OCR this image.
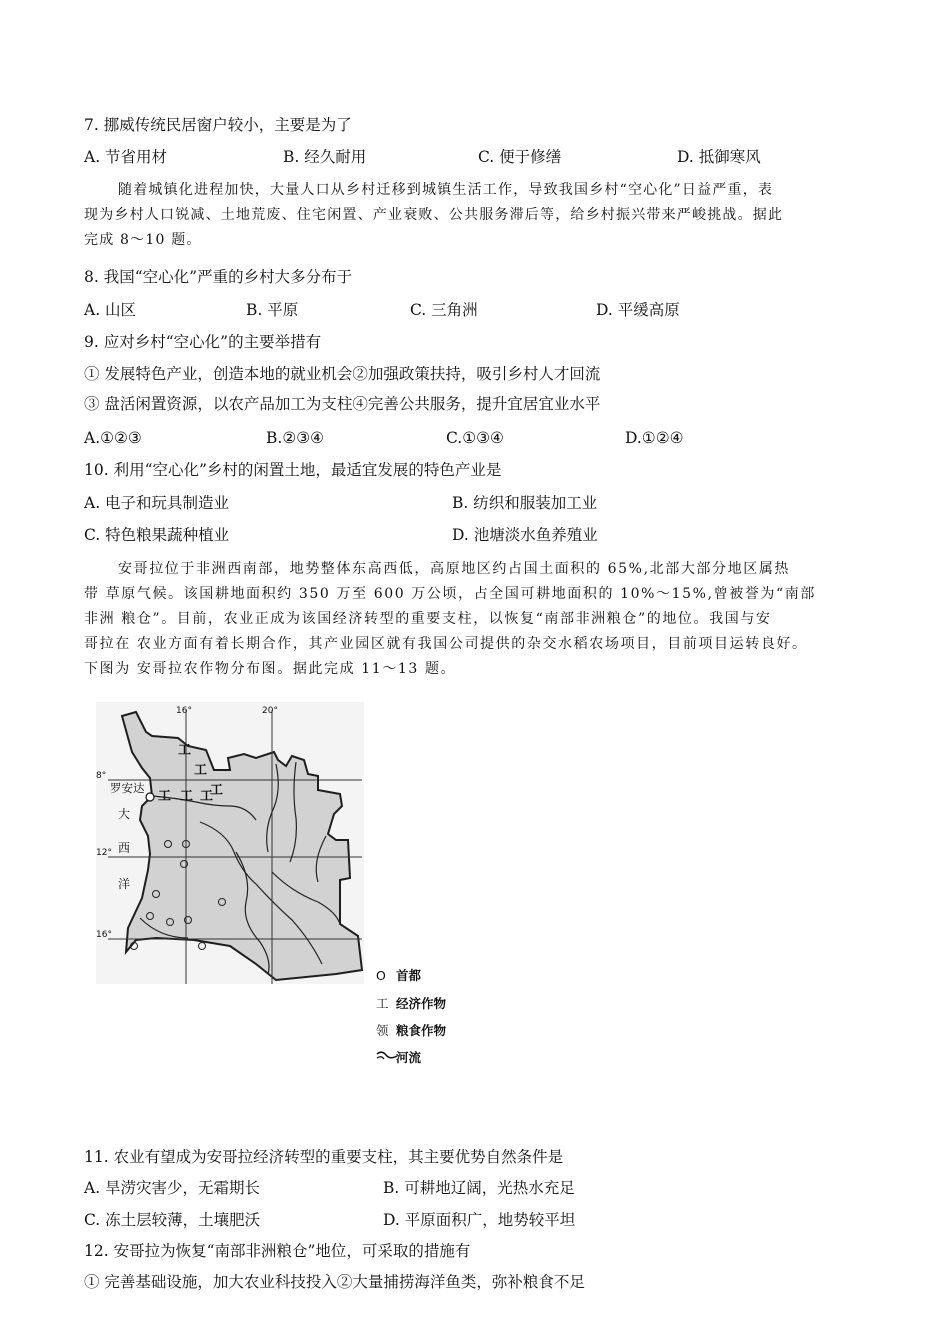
7. 挪威传统民居窗户较小，主要是为了
A. 节省用材	B. 经久耐用	C. 便于修缮	D. 抵御寒风
随着城镇化进程加快，大量人口从乡村迁移到城镇生活工作，导致我国乡村“空心化”日益严重，表
现为乡村人口锐减、土地荒废、住宅闲置、产业衰败、公共服务滞后等，给乡村振兴带来严峻挑战。据此
完成 8～10 题。
8. 我国“空心化”严重的乡村大多分布于
A. 山区	B. 平原	C. 三角洲	D. 平缓高原
9. 应对乡村“空心化”的主要举措有
① 发展特色产业，创造本地的就业机会②加强政策扶持，吸引乡村人才回流
③ 盘活闲置资源，以农产品加工为支柱④完善公共服务，提升宜居宜业水平
A.①②③	B.②③④	C.①③④	D.①②④
10. 利用“空心化”乡村的闲置土地，最适宜发展的特色产业是
A. 电子和玩具制造业	B. 纺织和服装加工业
C. 特色粮果蔬种植业	D. 池塘淡水鱼养殖业
安哥拉位于非洲西南部，地势整体东高西低，高原地区约占国土面积的 65%,北部大部分地区属热
带 草原气候。该国耕地面积约 350 万至 600 万公顷，占全国可耕地面积的 10%～15%,曾被誉为“南部
非洲 粮仓”。目前，农业正成为该国经济转型的重要支柱，以恢复“南部非洲粮仓”的地位。我国与安
哥拉在 农业方面有着长期合作，其产业园区就有我国公司提供的杂交水稻农场项目，目前项目运转良好。
下图为 安哥拉农作物分布图。据此完成 11～13 题。
工
工
工 工 工
工
16°	20°
8°
12°
16°
罗安达
大
西
洋
O 首都
工 经济作物
领 粮食作物
河流
11. 农业有望成为安哥拉经济转型的重要支柱，其主要优势自然条件是
A. 旱涝灾害少，无霜期长	B. 可耕地辽阔，光热水充足
C. 冻土层较薄，土壤肥沃	D. 平原面积广，地势较平坦
12. 安哥拉为恢复“南部非洲粮仓”地位，可采取的措施有
① 完善基础设施，加大农业科技投入②大量捕捞海洋鱼类，弥补粮食不足
